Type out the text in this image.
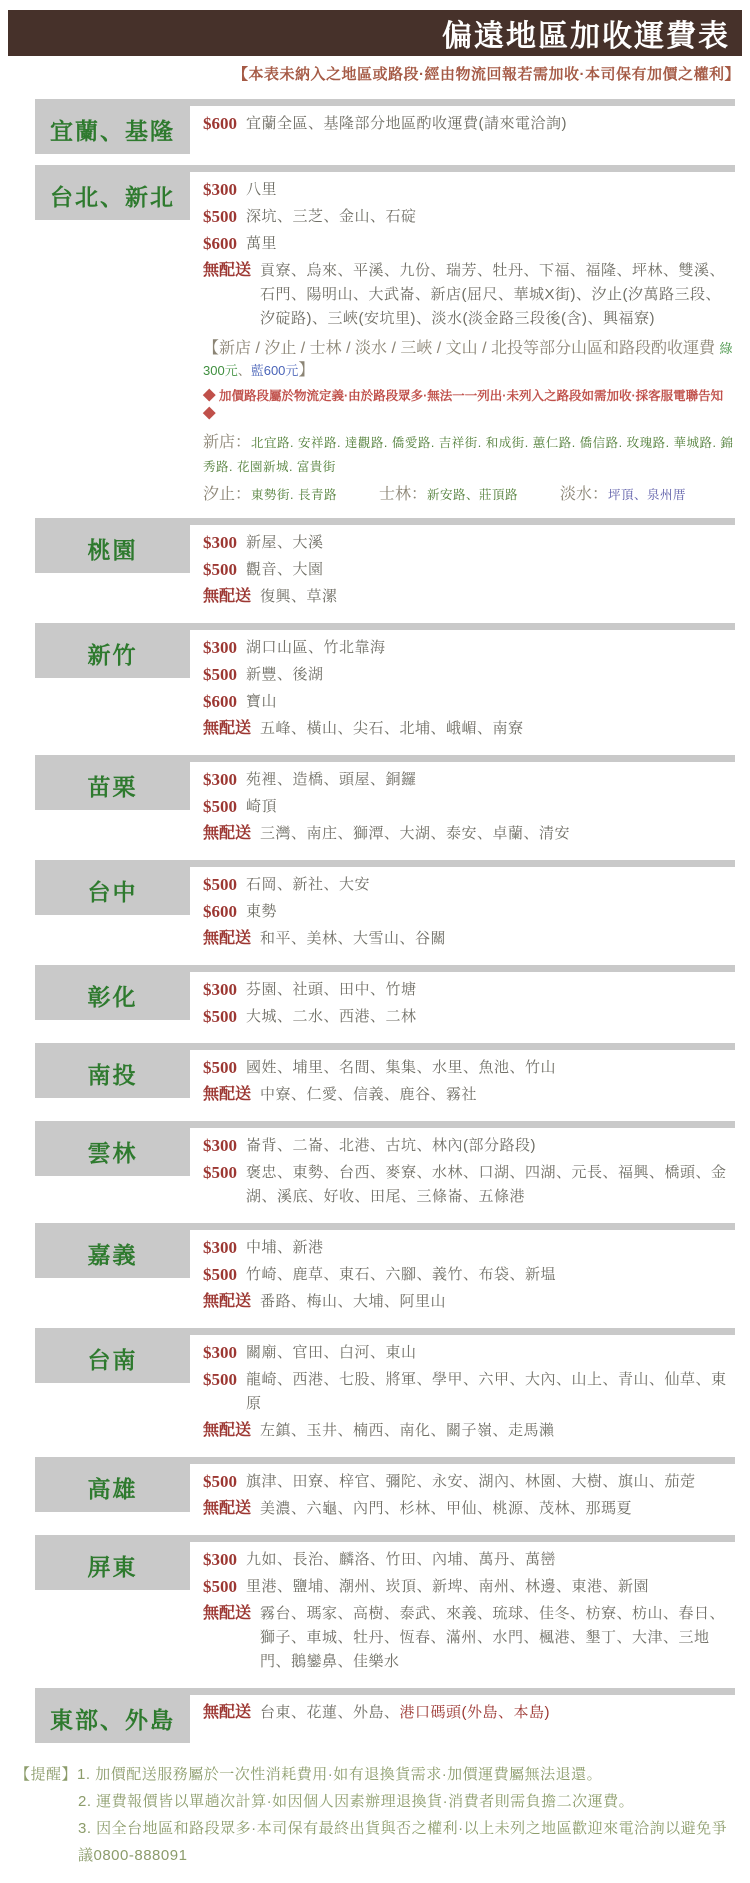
偏遠地區加收運費表
【本表未納入之地區或路段·經由物流回報若需加收·本司保有加價之權利】
宜蘭、基隆	$600 宜蘭全區、基隆部分地區酌收運費(請來電洽詢)
台北、新北	$300 八里
$500 深坑、三芝、金山、石碇
$600 萬里
無配送 貢寮、烏來、平溪、九份、瑞芳、牡丹、下福、福隆、坪林、雙溪、石門、陽明山、大武崙、新店(屈尺、華城X街)、汐止(汐萬路三段、汐碇路)、三峽(安坑里)、淡水(淡金路三段後(含)、興福寮)
【新店 / 汐止 / 士林 / 淡水 / 三峽 / 文山 / 北投等部分山區和路段酌收運費 綠300元、藍600元】
◆ 加價路段屬於物流定義·由於路段眾多·無法一一列出·未列入之路段如需加收·採客服電聯告知 ◆
新店：北宜路. 安祥路. 達觀路. 僑愛路. 吉祥街. 和成街. 蕙仁路. 僑信路. 玫瑰路. 華城路. 錦秀路. 花園新城. 富貴街
汐止：東勢街. 長青路	士林：新安路、莊頂路	淡水：坪頂、泉州厝
桃園	$300 新屋、大溪
$500 觀音、大園
無配送 復興、草漯
新竹	$300 湖口山區、竹北靠海
$500 新豐、後湖
$600 寶山
無配送 五峰、橫山、尖石、北埔、峨嵋、南寮
苗栗	$300 苑裡、造橋、頭屋、銅鑼
$500 崎頂
無配送 三灣、南庄、獅潭、大湖、泰安、卓蘭、清安
台中	$500 石岡、新社、大安
$600 東勢
無配送 和平、美林、大雪山、谷關
彰化	$300 芬園、社頭、田中、竹塘
$500 大城、二水、西港、二林
南投	$500 國姓、埔里、名間、集集、水里、魚池、竹山
無配送 中寮、仁愛、信義、鹿谷、霧社
雲林	$300 崙背、二崙、北港、古坑、林內(部分路段)
$500 褒忠、東勢、台西、麥寮、水林、口湖、四湖、元長、福興、橋頭、金湖、溪底、好收、田尾、三條崙、五條港
嘉義	$300 中埔、新港
$500 竹崎、鹿草、東石、六腳、義竹、布袋、新塭
無配送 番路、梅山、大埔、阿里山
台南	$300 關廟、官田、白河、東山
$500 龍崎、西港、七股、將軍、學甲、六甲、大內、山上、青山、仙草、東原
無配送 左鎮、玉井、楠西、南化、關子嶺、走馬瀨
高雄	$500 旗津、田寮、梓官、彌陀、永安、湖內、林園、大樹、旗山、茄萣
無配送 美濃、六龜、內門、杉林、甲仙、桃源、茂林、那瑪夏
屏東	$300 九如、長治、麟洛、竹田、內埔、萬丹、萬巒
$500 里港、鹽埔、潮州、崁頂、新埤、南州、林邊、東港、新園
無配送 霧台、瑪家、高樹、泰武、來義、琉球、佳冬、枋寮、枋山、春日、獅子、車城、牡丹、恆春、滿州、水門、楓港、墾丁、大津、三地門、鵝鑾鼻、佳樂水
東部、外島	無配送 台東、花蓮、外島、港口碼頭(外島、本島)
【提醒】1. 加價配送服務屬於一次性消耗費用·如有退換貨需求·加價運費屬無法退還。
2. 運費報價皆以單趟次計算·如因個人因素辦理退換貨·消費者則需負擔二次運費。
3. 因全台地區和路段眾多·本司保有最終出貨與否之權利·以上未列之地區歡迎來電洽詢以避免爭議0800-888091
